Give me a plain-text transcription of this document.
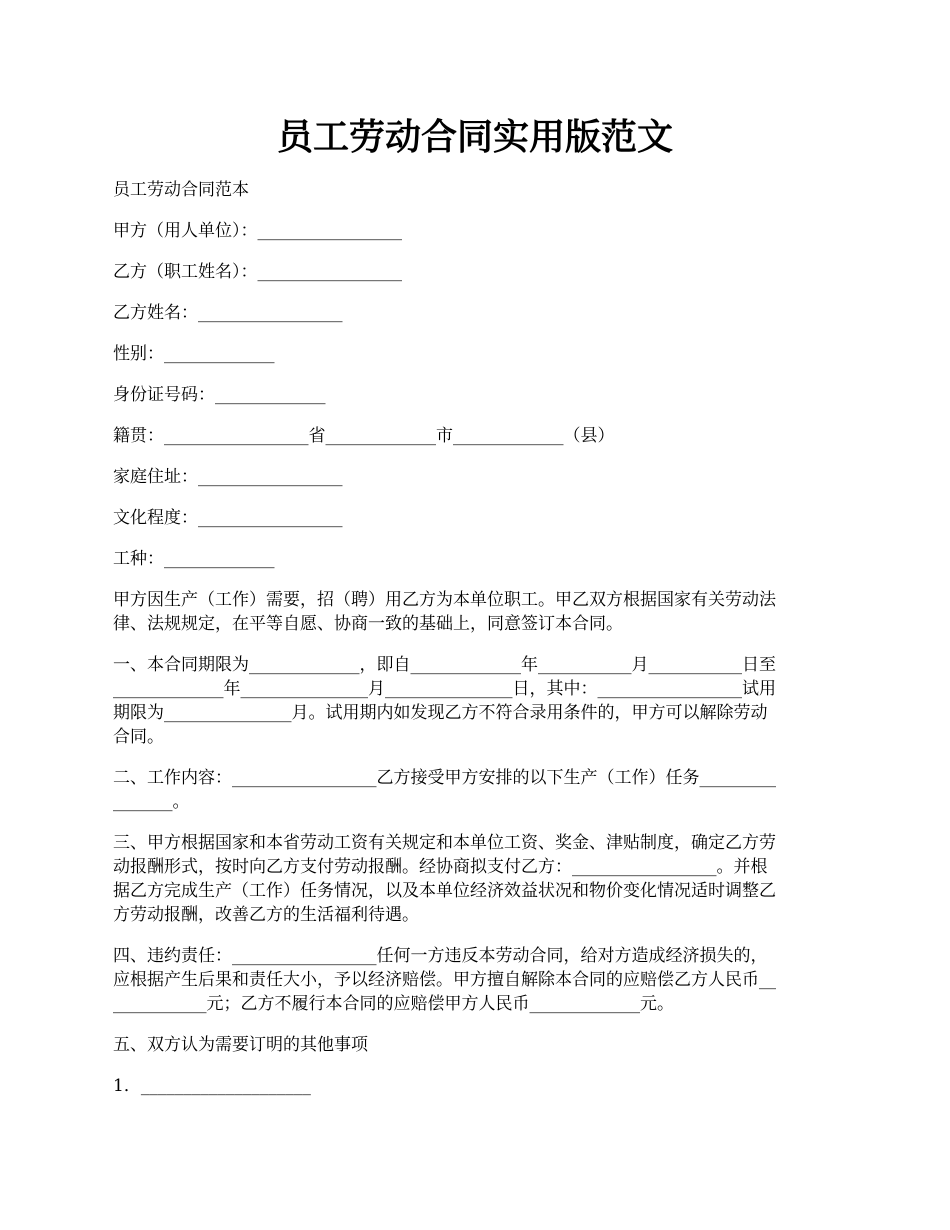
员工劳动合同实用版范文
员工劳动合同范本
甲方（用人单位）：_________________
乙方（职工姓名）：_________________
乙方姓名：_________________
性别：_____________
身份证号码：_____________
籍贯：_________________省_____________市_____________（县）
家庭住址：_________________
文化程度：_________________
工种：_____________
甲方因生产（工作）需要，招（聘）用乙方为本单位职工。甲乙双方根据国家有关劳动法
律、法规规定，在平等自愿、协商一致的基础上，同意签订本合同。
一、本合同期限为_____________，即自_____________年___________月___________日至
_____________年_______________月_______________日，其中：_________________试用
期限为_______________月。试用期内如发现乙方不符合录用条件的，甲方可以解除劳动
合同。
二、工作内容：_________________乙方接受甲方安排的以下生产（工作）任务_________
_______。
三、甲方根据国家和本省劳动工资有关规定和本单位工资、奖金、津贴制度，确定乙方劳
动报酬形式，按时向乙方支付劳动报酬。经协商拟支付乙方：_________________。并根
据乙方完成生产（工作）任务情况，以及本单位经济效益状况和物价变化情况适时调整乙
方劳动报酬，改善乙方的生活福利待遇。
四、违约责任：_________________任何一方违反本劳动合同，给对方造成经济损失的，
应根据产生后果和责任大小，予以经济赔偿。甲方擅自解除本合同的应赔偿乙方人民币__
___________元；乙方不履行本合同的应赔偿甲方人民币_____________元。
五、双方认为需要订明的其他事项
1．____________________
